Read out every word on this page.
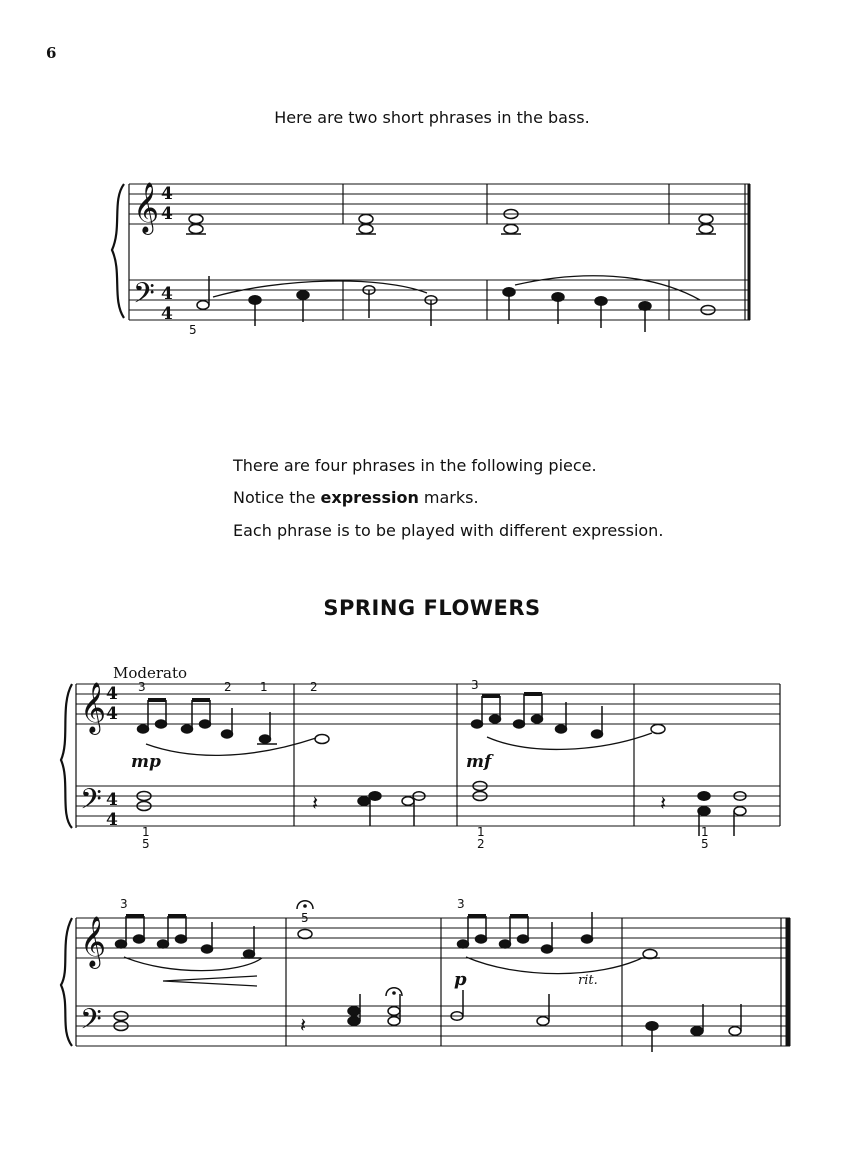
6
Here are two short phrases in the bass.
There are four phrases in the following piece.
Notice the expression marks.
Each phrase is to be played with different expression.
SPRING FLOWERS
Moderato
𝄞
𝄢
4
4
4
4
5
𝄞
𝄢
4
4
4
4
𝄽	𝄽
mp	mf
3	2 1	2	3
1
5
1
2
1
5
𝄞
𝄢	𝄽
3
5
3
p	rit.
